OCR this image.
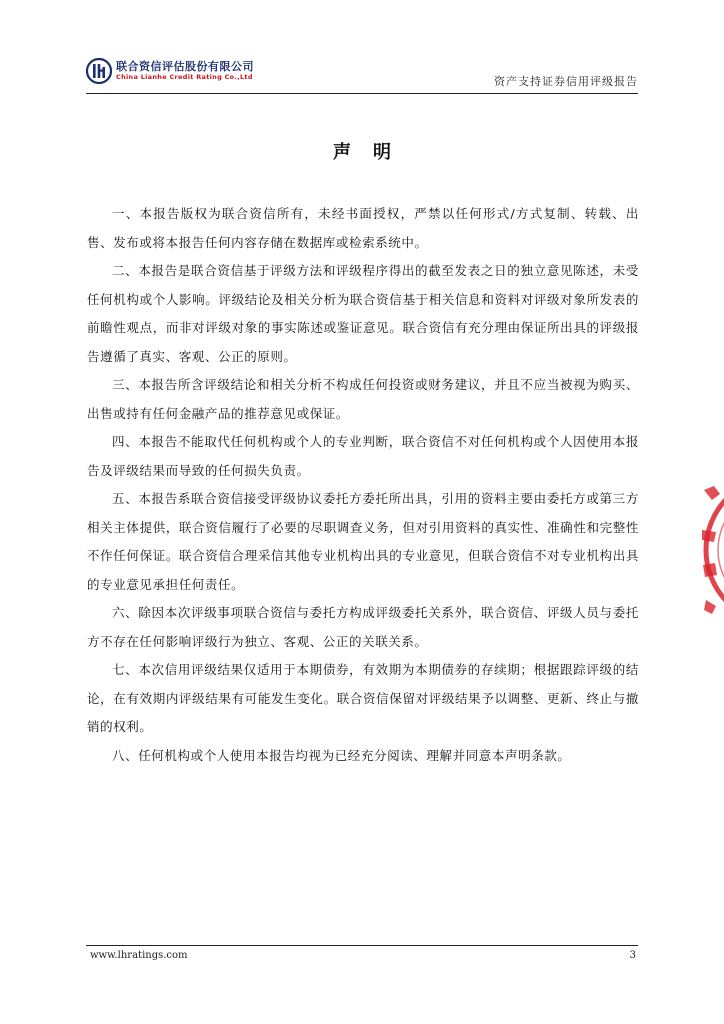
联合资信评估股份有限公司
China Lianhe Credit Rating Co.,Ltd	资产支持证券信用评级报告
声明

一、本报告版权为联合资信所有，未经书面授权，严禁以任何形式/方式复制、转载、出售、发布或将本报告任何内容存储在数据库或检索系统中。

二、本报告是联合资信基于评级方法和评级程序得出的截至发表之日的独立意见陈述，未受任何机构或个人影响。评级结论及相关分析为联合资信基于相关信息和资料对评级对象所发表的前瞻性观点，而非对评级对象的事实陈述或鉴证意见。联合资信有充分理由保证所出具的评级报告遵循了真实、客观、公正的原则。

三、本报告所含评级结论和相关分析不构成任何投资或财务建议，并且不应当被视为购买、出售或持有任何金融产品的推荐意见或保证。

四、本报告不能取代任何机构或个人的专业判断，联合资信不对任何机构或个人因使用本报告及评级结果而导致的任何损失负责。

五、本报告系联合资信接受评级协议委托方委托所出具，引用的资料主要由委托方或第三方相关主体提供，联合资信履行了必要的尽职调查义务，但对引用资料的真实性、准确性和完整性不作任何保证。联合资信合理采信其他专业机构出具的专业意见，但联合资信不对专业机构出具的专业意见承担任何责任。

六、除因本次评级事项联合资信与委托方构成评级委托关系外，联合资信、评级人员与委托方不存在任何影响评级行为独立、客观、公正的关联关系。

七、本次信用评级结果仅适用于本期债券，有效期为本期债券的存续期；根据跟踪评级的结论，在有效期内评级结果有可能发生变化。联合资信保留对评级结果予以调整、更新、终止与撤销的权利。

八、任何机构或个人使用本报告均视为已经充分阅读、理解并同意本声明条款。

www.lhratings.com	3
